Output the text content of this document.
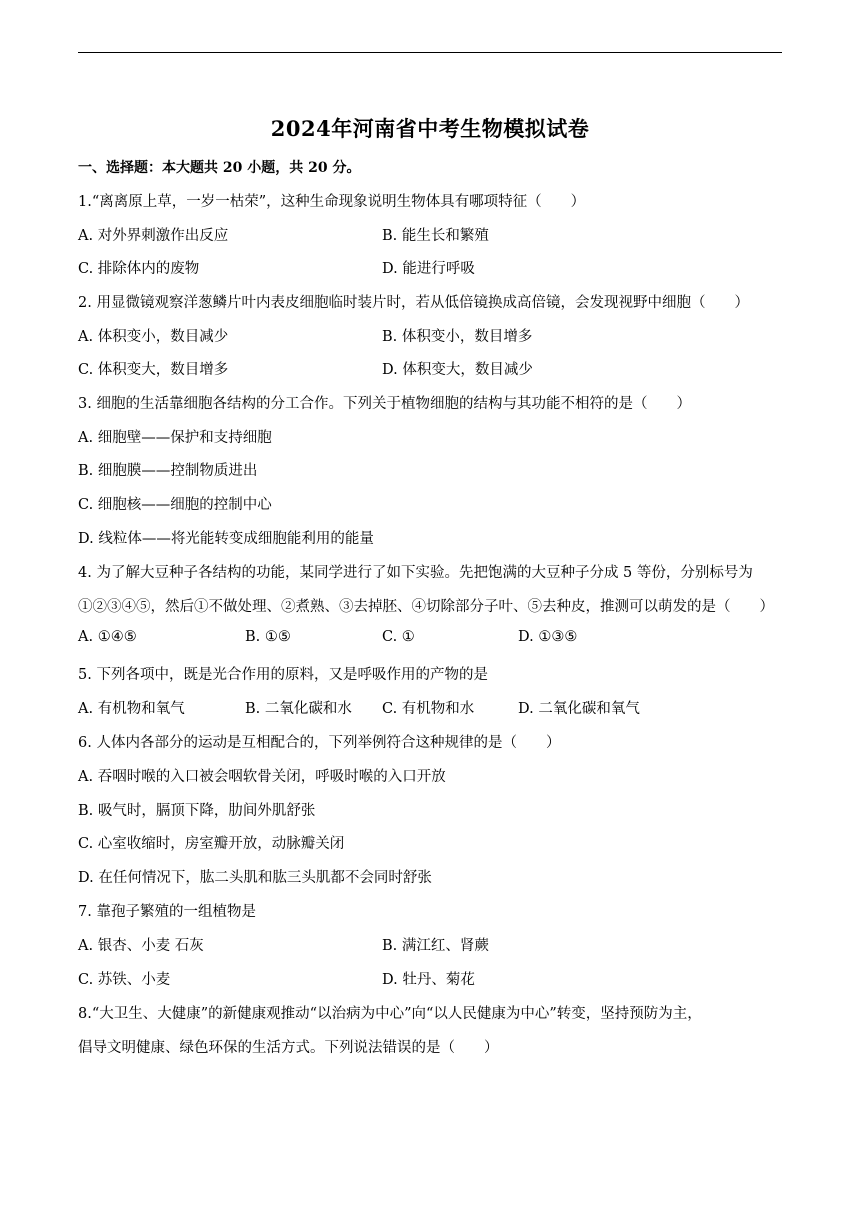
2024年河南省中考生物模拟试卷
一、选择题：本大题共 20 小题，共 20 分。
1.“离离原上草，一岁一枯荣”，这种生命现象说明生物体具有哪项特征（　　）
A. 对外界刺激作出反应	B. 能生长和繁殖
C. 排除体内的废物	D. 能进行呼吸
2. 用显微镜观察洋葱鳞片叶内表皮细胞临时装片时，若从低倍镜换成高倍镜，会发现视野中细胞（　　）
A. 体积变小，数目减少	B. 体积变小，数目增多
C. 体积变大，数目增多	D. 体积变大，数目减少
3. 细胞的生活靠细胞各结构的分工合作。下列关于植物细胞的结构与其功能不相符的是（　　）
A. 细胞壁——保护和支持细胞
B. 细胞膜——控制物质进出
C. 细胞核——细胞的控制中心
D. 线粒体——将光能转变成细胞能利用的能量
4. 为了解大豆种子各结构的功能，某同学进行了如下实验。先把饱满的大豆种子分成 5 等份，分别标号为
①②③④⑤，然后①不做处理、②煮熟、③去掉胚、④切除部分子叶、⑤去种皮，推测可以萌发的是（　　）
A. ①④⑤	B. ①⑤	C. ①	D. ①③⑤
5. 下列各项中，既是光合作用的原料，又是呼吸作用的产物的是
A. 有机物和氧气	B. 二氧化碳和水 C. 有机物和水	D. 二氧化碳和氧气
6. 人体内各部分的运动是互相配合的，下列举例符合这种规律的是（　　）
A. 吞咽时喉的入口被会咽软骨关闭，呼吸时喉的入口开放
B. 吸气时，膈顶下降，肋间外肌舒张
C. 心室收缩时，房室瓣开放，动脉瓣关闭
D. 在任何情况下，肱二头肌和肱三头肌都不会同时舒张
7. 靠孢子繁殖的一组植物是
A. 银杏、小麦 石灰	B. 满江红、肾蕨
C. 苏铁、小麦	D. 牡丹、菊花
8.“大卫生、大健康”的新健康观推动“以治病为中心”向“以人民健康为中心”转变，坚持预防为主，
倡导文明健康、绿色环保的生活方式。下列说法错误的是（　　）
